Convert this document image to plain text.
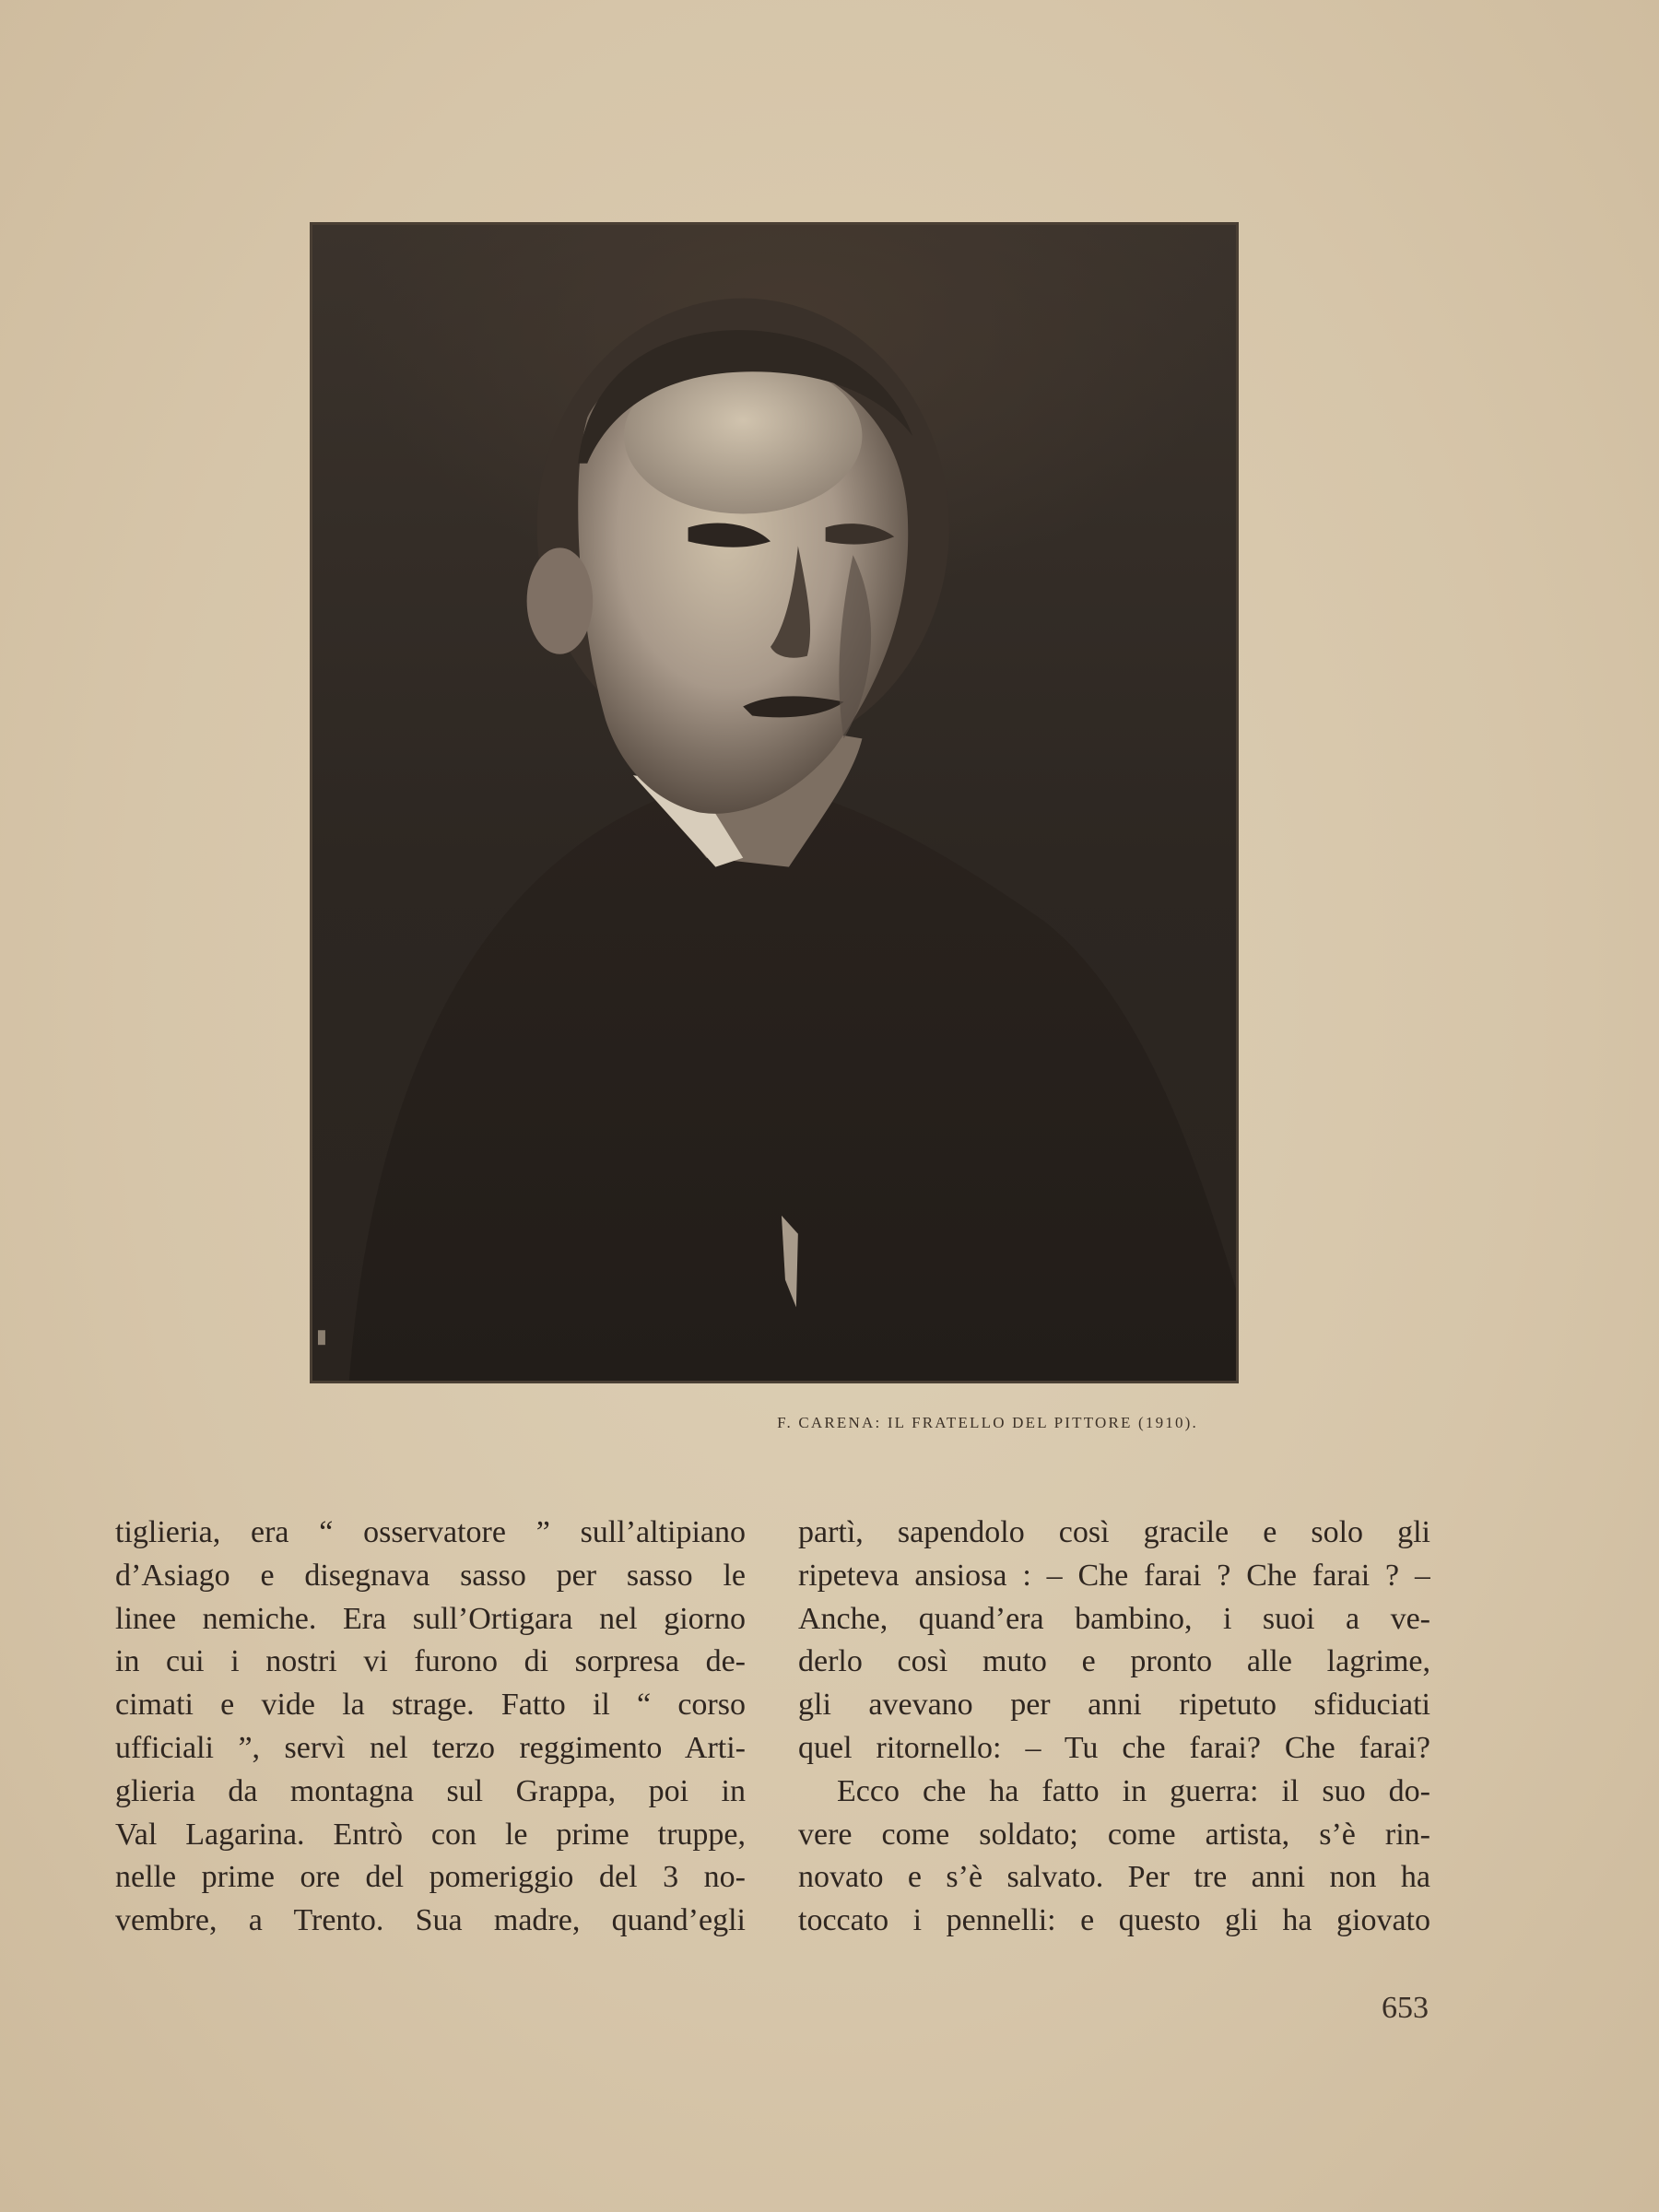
F. CARENA: IL FRATELLO DEL PITTORE (1910).
tiglieria, era “ osservatore ” sull’altipiano
d’Asiago e disegnava sasso per sasso le
linee nemiche. Era sull’Ortigara nel giorno
in cui i nostri vi furono di sorpresa de-
cimati e vide la strage. Fatto il “ corso
ufficiali ”, servì nel terzo reggimento Arti-
glieria da montagna sul Grappa, poi in
Val Lagarina. Entrò con le prime truppe,
nelle prime ore del pomeriggio del 3 no-
vembre, a Trento. Sua madre, quand’egli
partì, sapendolo così gracile e solo gli
ripeteva ansiosa : – Che farai ? Che farai ? –
Anche, quand’era bambino, i suoi a ve-
derlo così muto e pronto alle lagrime,
gli avevano per anni ripetuto sfiduciati
quel ritornello: – Tu che farai? Che farai?
Ecco che ha fatto in guerra: il suo do-
vere come soldato; come artista, s’è rin-
novato e s’è salvato. Per tre anni non ha
toccato i pennelli: e questo gli ha giovato
653
